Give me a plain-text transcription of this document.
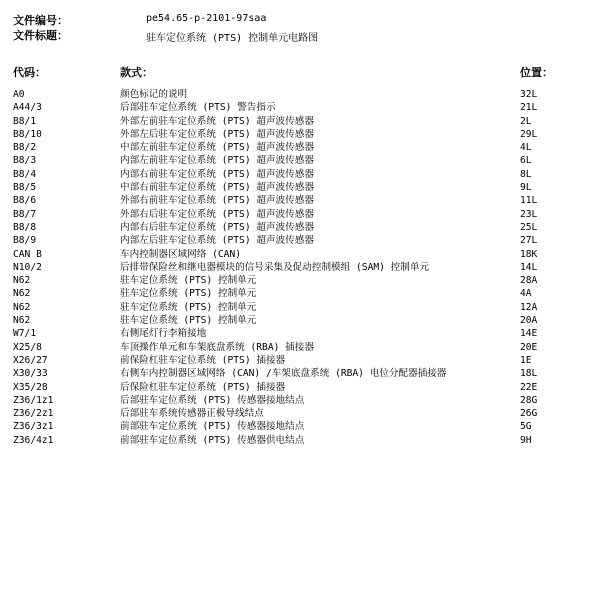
文件编号：	pe54.65-p-2101-97saa
文件标题：	驻车定位系统 (PTS) 控制单元电路图
代码：	款式：	位置：
A0	颜色标记的说明	32L
A44/3	后部驻车定位系统 (PTS) 警告指示	21L
B8/1	外部左前驻车定位系统 (PTS) 超声波传感器	2L
B8/10	外部左后驻车定位系统 (PTS) 超声波传感器	29L
B8/2	中部左前驻车定位系统 (PTS) 超声波传感器	4L
B8/3	内部左前驻车定位系统 (PTS) 超声波传感器	6L
B8/4	内部右前驻车定位系统 (PTS) 超声波传感器	8L
B8/5	中部右前驻车定位系统 (PTS) 超声波传感器	9L
B8/6	外部右前驻车定位系统 (PTS) 超声波传感器	11L
B8/7	外部右后驻车定位系统 (PTS) 超声波传感器	23L
B8/8	内部右后驻车定位系统 (PTS) 超声波传感器	25L
B8/9	内部左后驻车定位系统 (PTS) 超声波传感器	27L
CAN B	车内控制器区域网络 (CAN)	18K
N10/2	后排带保险丝和继电器模块的信号采集及促动控制模组 (SAM) 控制单元	14L
N62	驻车定位系统 (PTS) 控制单元	28A
N62	驻车定位系统 (PTS) 控制单元	4A
N62	驻车定位系统 (PTS) 控制单元	12A
N62	驻车定位系统 (PTS) 控制单元	20A
W7/1	右侧尾灯行李箱接地	14E
X25/8	车顶操作单元和车架底盘系统 (RBA) 插接器	20E
X26/27	前保险杠驻车定位系统 (PTS) 插接器	1E
X30/33	右侧车内控制器区域网络 (CAN) /车架底盘系统 (RBA) 电位分配器插接器	18L
X35/28	后保险杠驻车定位系统 (PTS) 插接器	22E
Z36/1z1	后部驻车定位系统 (PTS) 传感器接地结点	28G
Z36/2z1	后部驻车系统传感器正极导线结点	26G
Z36/3z1	前部驻车定位系统 (PTS) 传感器接地结点	5G
Z36/4z1	前部驻车定位系统 (PTS) 传感器供电结点	9H
